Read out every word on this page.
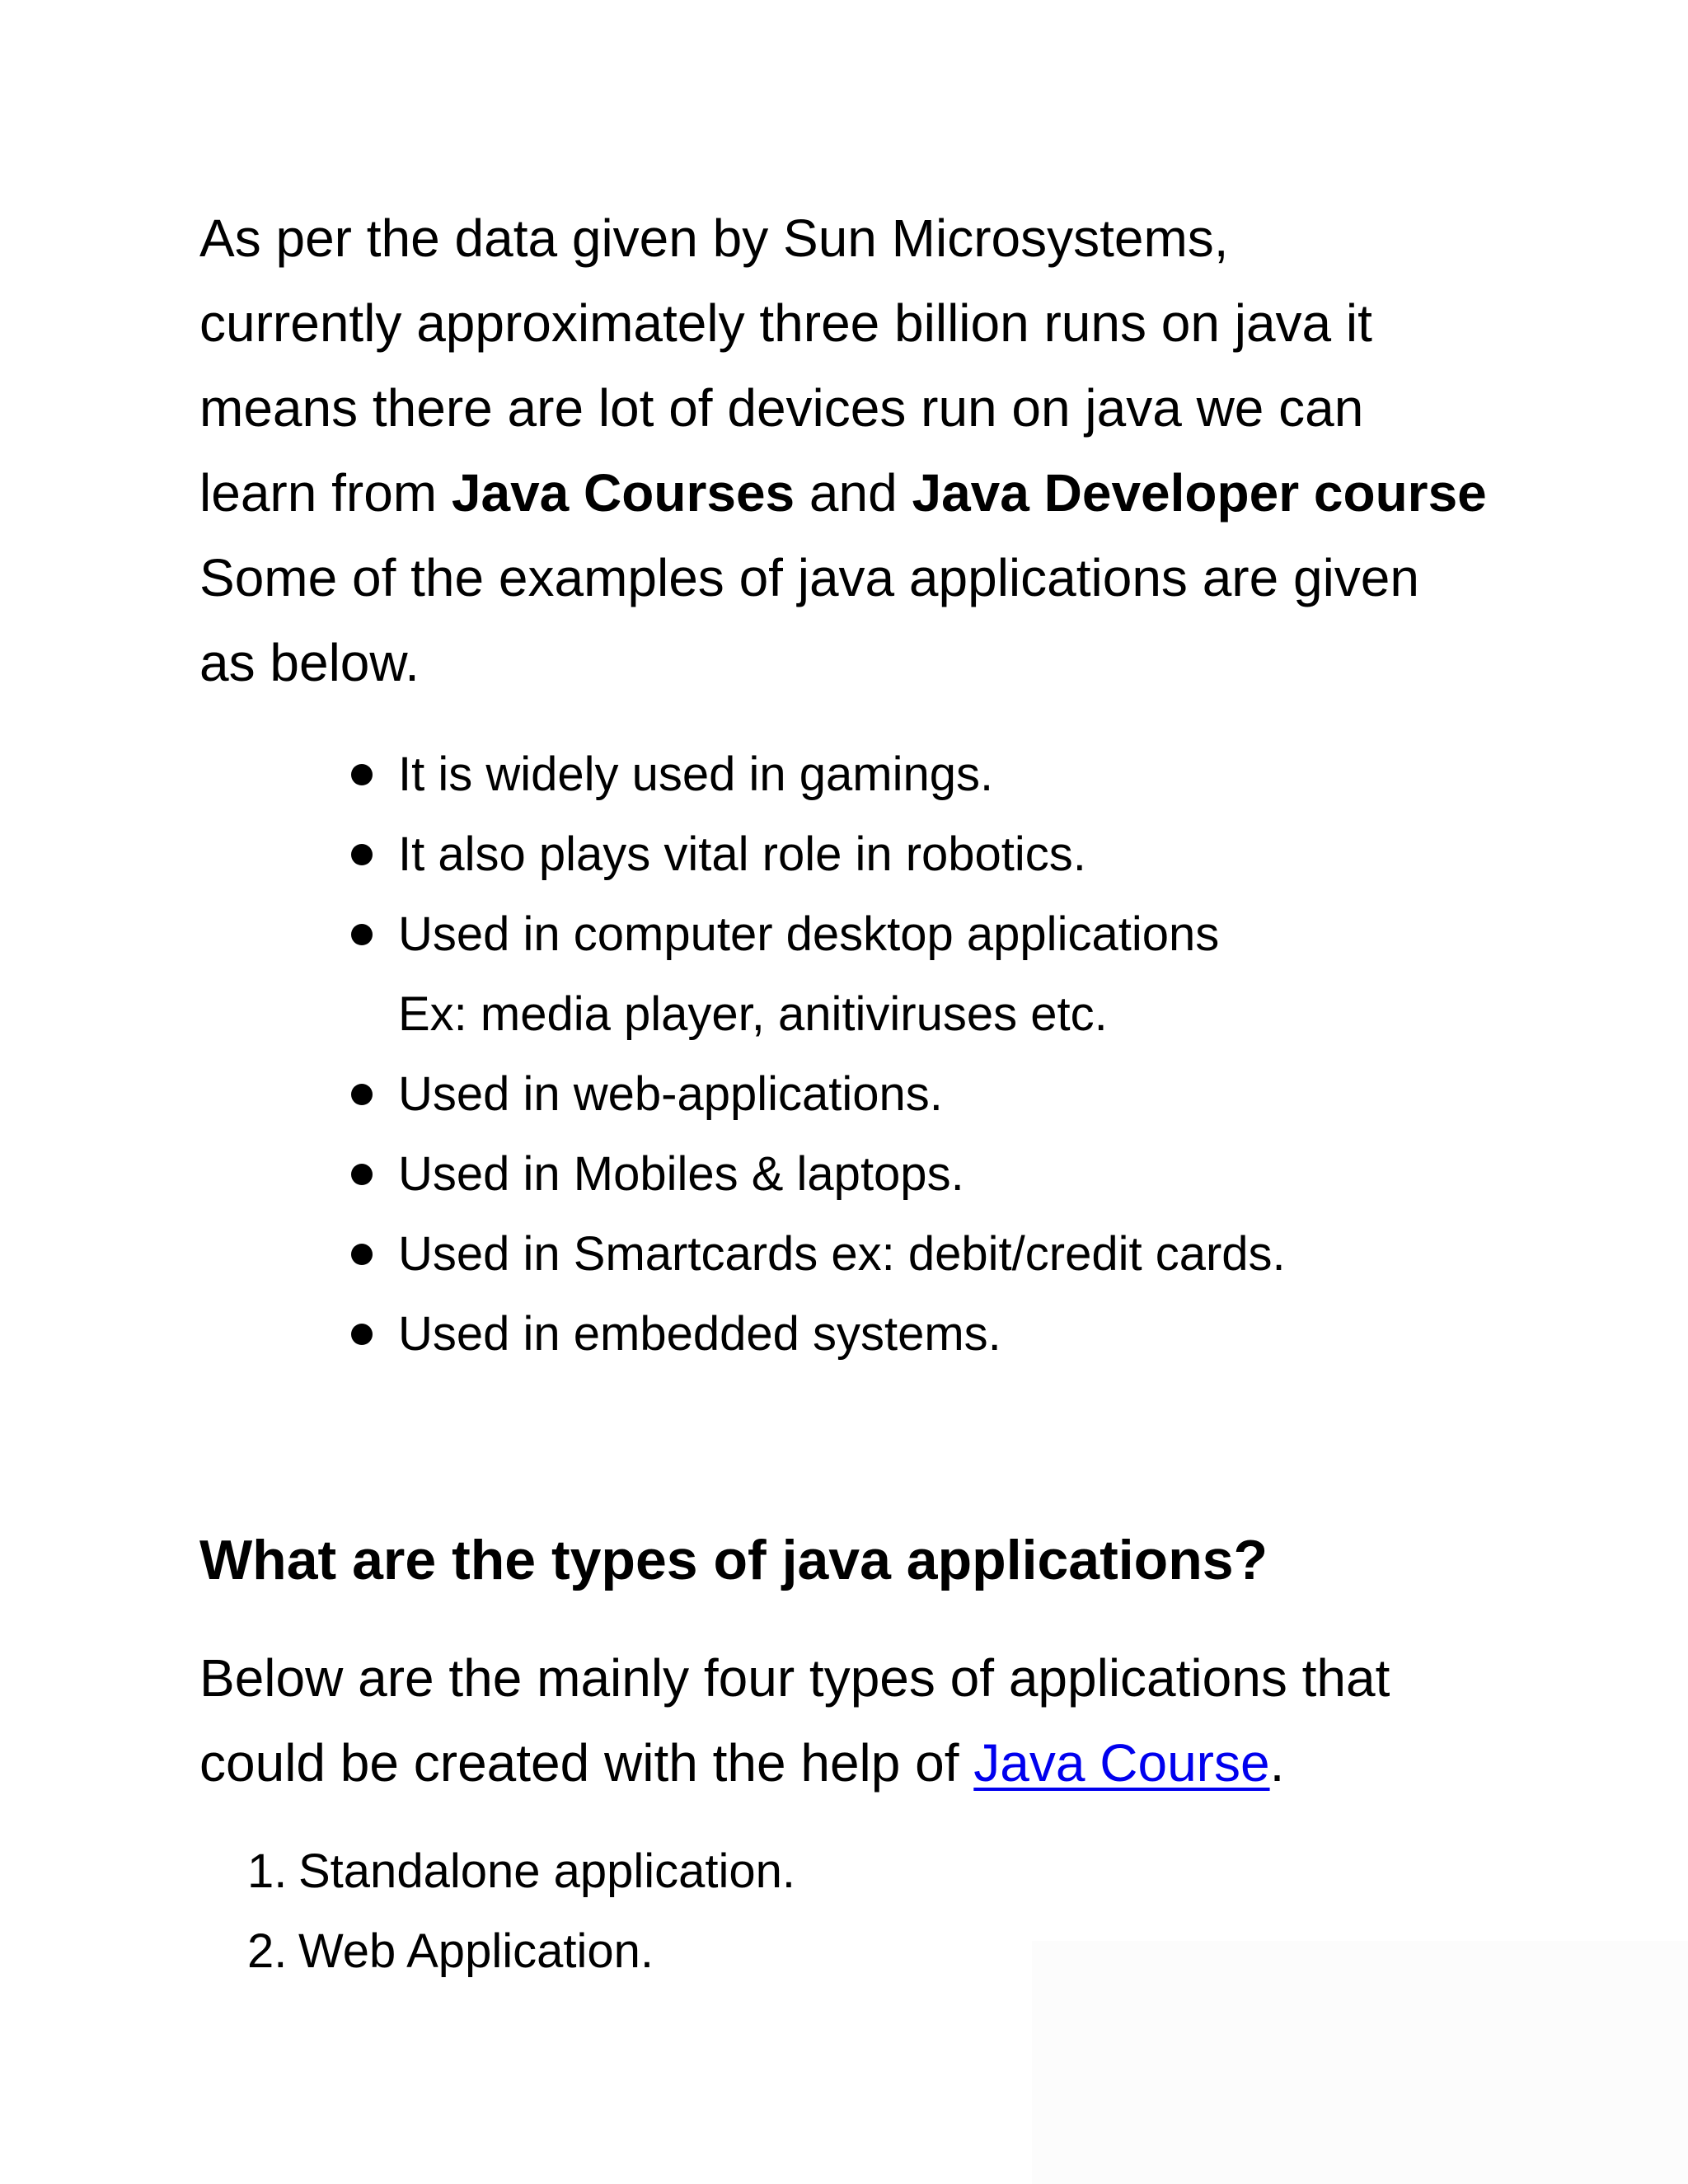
As per the data given by Sun Microsystems,
currently approximately three billion runs on java it
means there are lot of devices run on java we can
learn from Java Courses and Java Developer course
Some of the examples of java applications are given
as below.

It is widely used in gamings.
It also plays vital role in robotics.
Used in computer desktop applications
Ex: media player, anitiviruses etc.
Used in web-applications.
Used in Mobiles & laptops.
Used in Smartcards ex: debit/credit cards.
Used in embedded systems.
What are the types of java applications?

Below are the mainly four types of applications that
could be created with the help of Java Course.

1. Standalone application.
2. Web Application.
